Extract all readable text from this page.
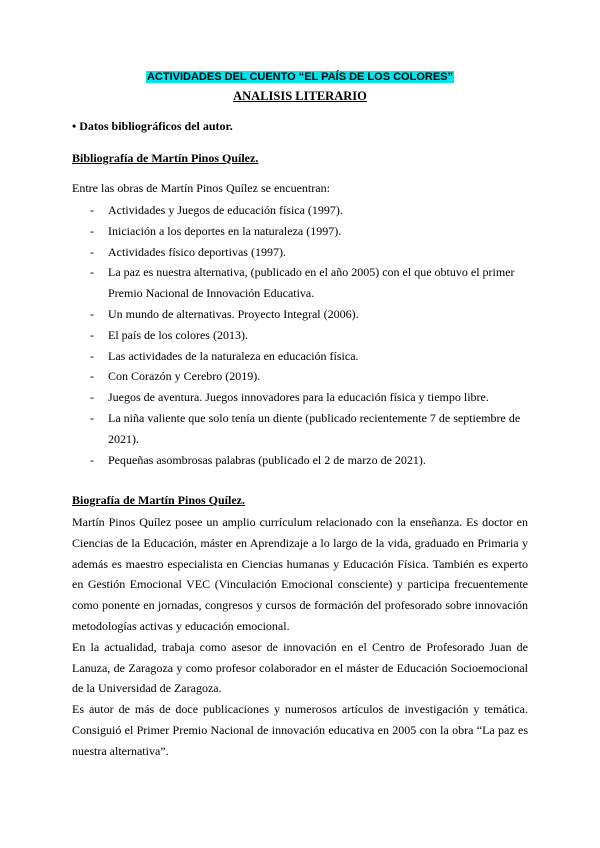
ACTIVIDADES DEL CUENTO “EL PAÍS DE LOS COLORES”
ANALISIS LITERARIO
• Datos bibliográficos del autor.
Bibliografía de Martín Pinos Quílez.
Entre las obras de Martín Pinos Quílez se encuentran:
- Actividades y Juegos de educación física (1997).
- Iniciación a los deportes en la naturaleza (1997).
- Actividades físico deportivas (1997).
- La paz es nuestra alternativa, (publicado en el año 2005) con el que obtuvo el primer Premio Nacional de Innovación Educativa.
- Un mundo de alternativas. Proyecto Integral (2006).
- El país de los colores (2013).
- Las actividades de la naturaleza en educación física.
- Con Corazón y Cerebro (2019).
- Juegos de aventura. Juegos innovadores para la educación física y tiempo libre.
- La niña valiente que solo tenía un diente (publicado recientemente 7 de septiembre de 2021).
- Pequeñas asombrosas palabras (publicado el 2 de marzo de 2021).
Biografía de Martín Pinos Quílez.

Martín Pinos Quílez posee un amplio currículum relacionado con la enseñanza. Es doctor en Ciencias de la Educación, máster en Aprendizaje a lo largo de la vida, graduado en Primaria y además es maestro especialista en Ciencias humanas y Educación Física. También es experto en Gestión Emocional VEC (Vinculación Emocional consciente) y participa frecuentemente como ponente en jornadas, congresos y cursos de formación del profesorado sobre innovación metodologías activas y educación emocional.

En la actualidad, trabaja como asesor de innovación en el Centro de Profesorado Juan de Lanuza, de Zaragoza y como profesor colaborador en el máster de Educación Socioemocional de la Universidad de Zaragoza.

Es autor de más de doce publicaciones y numerosos artículos de investigación y temática. Consiguió el Primer Premio Nacional de innovación educativa en 2005 con la obra “La paz es nuestra alternativa”.
